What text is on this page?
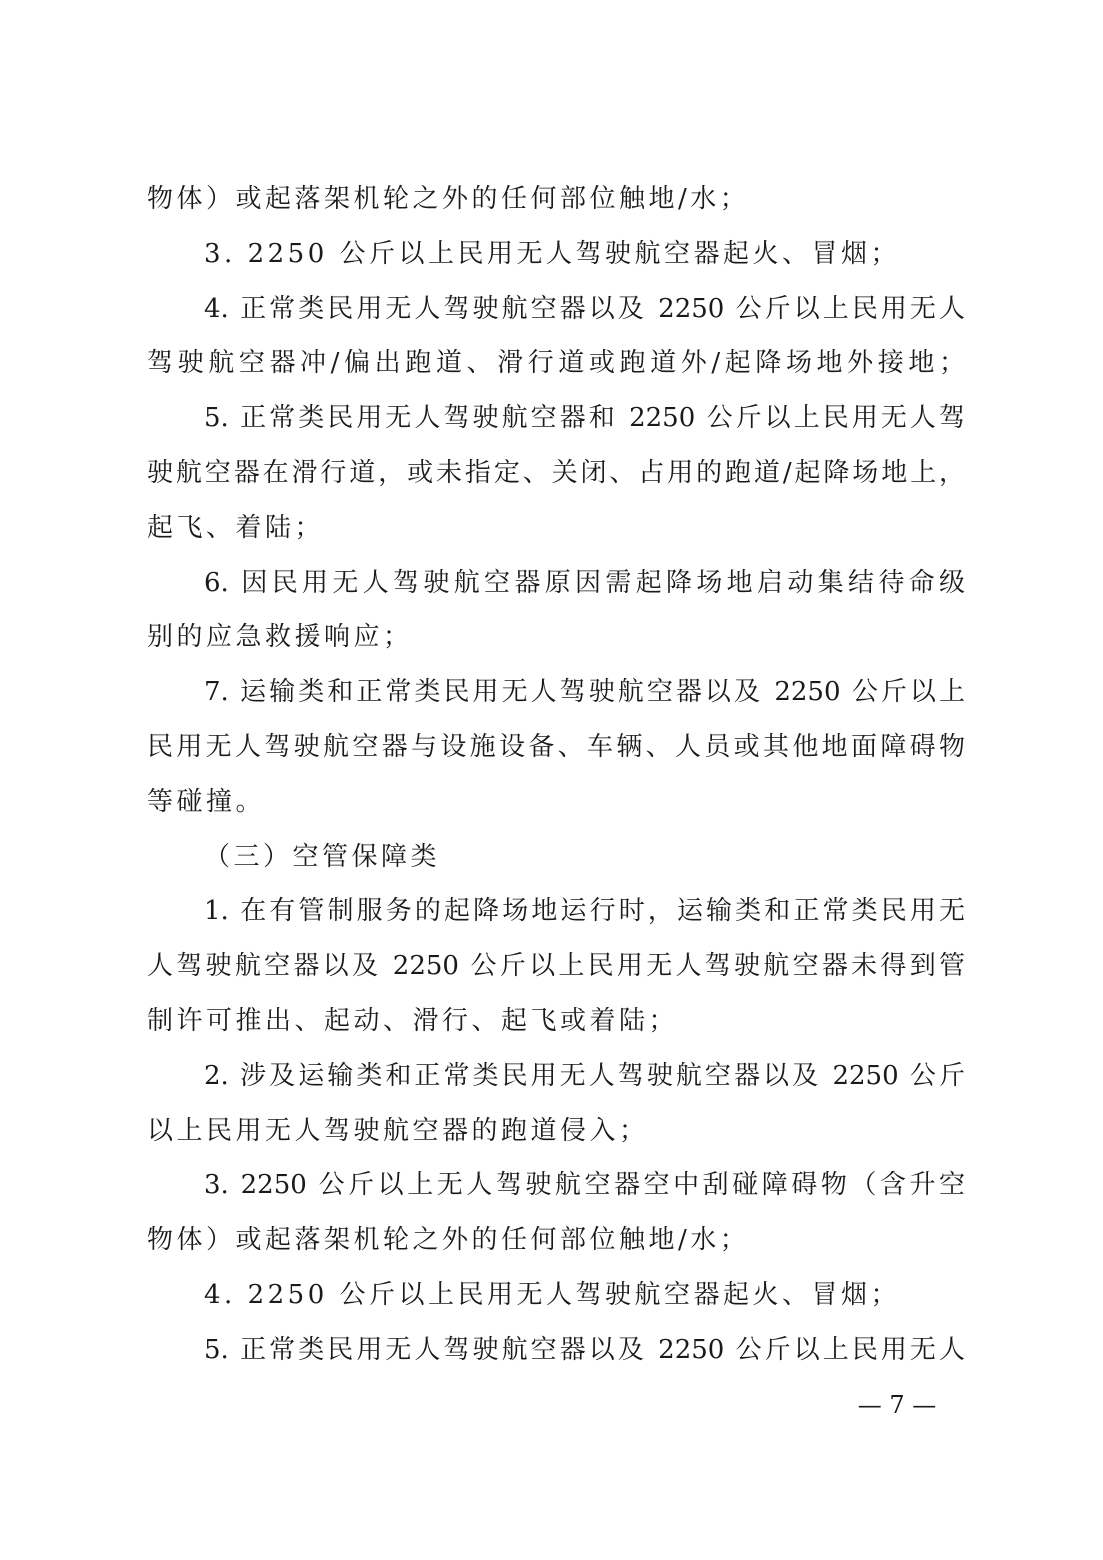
物体）或起落架机轮之外的任何部位触地/水；
3. 2250 公斤以上民用无人驾驶航空器起火、冒烟；
4. 正常类民用无人驾驶航空器以及 2250 公斤以上民用无人
驾驶航空器冲/偏出跑道、滑行道或跑道外/起降场地外接地；
5. 正常类民用无人驾驶航空器和 2250 公斤以上民用无人驾
驶航空器在滑行道，或未指定、关闭、占用的跑道/起降场地上，
起飞、着陆；
6. 因民用无人驾驶航空器原因需起降场地启动集结待命级
别的应急救援响应；
7. 运输类和正常类民用无人驾驶航空器以及 2250 公斤以上
民用无人驾驶航空器与设施设备、车辆、人员或其他地面障碍物
等碰撞。
（三）空管保障类
1. 在有管制服务的起降场地运行时，运输类和正常类民用无
人驾驶航空器以及 2250 公斤以上民用无人驾驶航空器未得到管
制许可推出、起动、滑行、起飞或着陆；
2. 涉及运输类和正常类民用无人驾驶航空器以及 2250 公斤
以上民用无人驾驶航空器的跑道侵入；
3. 2250 公斤以上无人驾驶航空器空中刮碰障碍物（含升空
物体）或起落架机轮之外的任何部位触地/水；
4. 2250 公斤以上民用无人驾驶航空器起火、冒烟；
5. 正常类民用无人驾驶航空器以及 2250 公斤以上民用无人
— 7 —
